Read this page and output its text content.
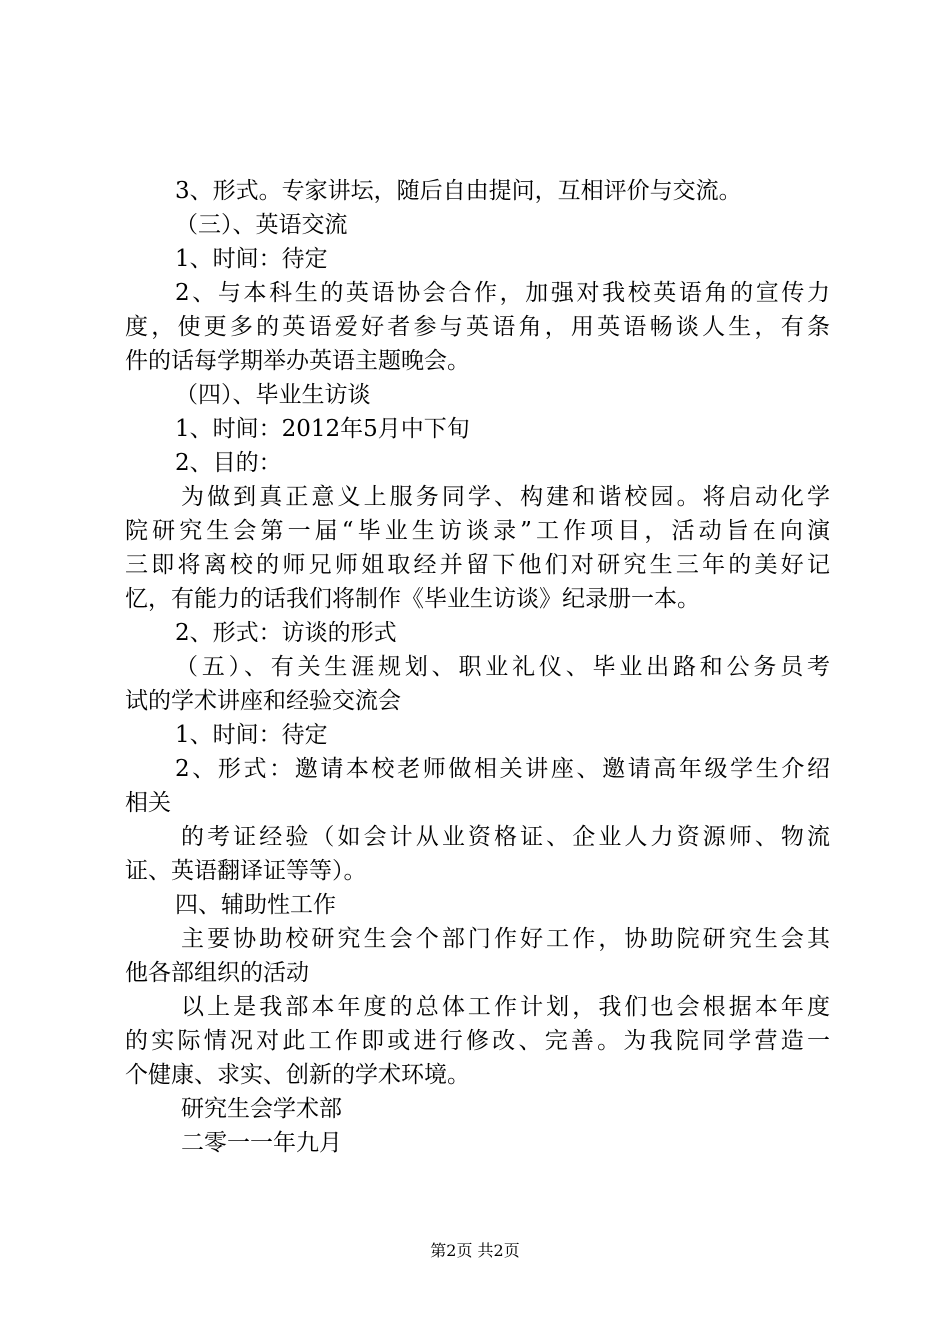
3、形式。专家讲坛，随后自由提问，互相评价与交流。
（三）、英语交流
1、时间：待定
2、与本科生的英语协会合作，加强对我校英语角的宣传力
度，使更多的英语爱好者参与英语角，用英语畅谈人生，有条
件的话每学期举办英语主题晚会。
（四）、毕业生访谈
1、时间：2012年5月中下旬
2、目的：
为做到真正意义上服务同学、构建和谐校园。将启动化学
院研究生会第一届“毕业生访谈录”工作项目，活动旨在向演
三即将离校的师兄师姐取经并留下他们对研究生三年的美好记
忆，有能力的话我们将制作《毕业生访谈》纪录册一本。
2、形式：访谈的形式
（五）、有关生涯规划、职业礼仪、毕业出路和公务员考
试的学术讲座和经验交流会
1、时间：待定
2、形式：邀请本校老师做相关讲座、邀请高年级学生介绍
相关
的考证经验（如会计从业资格证、企业人力资源师、物流
证、英语翻译证等等）。
四、辅助性工作
主要协助校研究生会个部门作好工作，协助院研究生会其
他各部组织的活动
以上是我部本年度的总体工作计划，我们也会根据本年度
的实际情况对此工作即或进行修改、完善。为我院同学营造一
个健康、求实、创新的学术环境。
研究生会学术部
二零一一年九月
第2页 共2页
